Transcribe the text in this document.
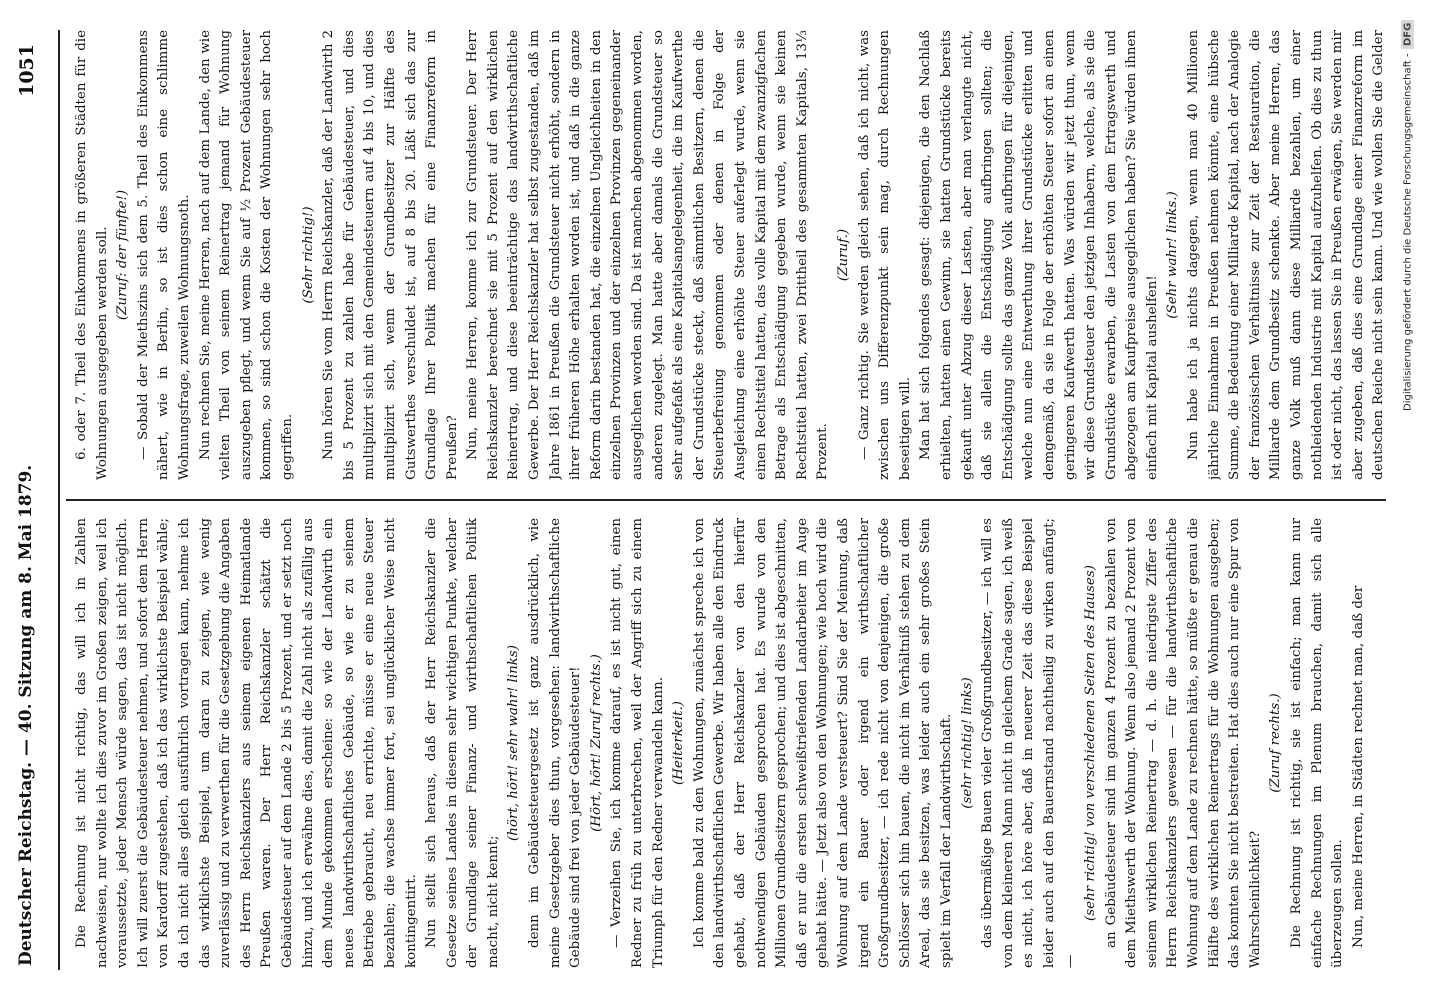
Deutscher Reichstag. — 40. Sitzung am 8. Mai 1879.
1051

Die Rechnung ist nicht richtig, das will ich in Zahlen nachweisen, nur wollte ich dies zuvor im Großen zeigen, weil ich voraussetzte, jeder Mensch würde sagen, das ist nicht möglich. Ich will zuerst die Gebäudesteuer nehmen, und sofort dem Herrn von Kardorff zugestehen, daß ich das wirklichste Beispiel wähle; da ich nicht alles gleich ausführlich vortragen kann, nehme ich das wirklichste Beispiel, um daran zu zeigen, wie wenig zuverlässig und zu verwerthen für die Gesetzgebung die Angaben des Herrn Reichskanzlers aus seinem eigenen Heimatlande Preußen waren. Der Herr Reichskanzler schätzt die Gebäudesteuer auf dem Lande 2 bis 5 Prozent, und er setzt noch hinzu, und ich erwähne dies, damit die Zahl nicht als zufällig aus dem Munde gekommen erscheine: so wie der Landwirth ein neues landwirthschaftliches Gebäude, so wie er zu seinem Betriebe gebraucht, neu errichte, müsse er eine neue Steuer bezahlen; die wachse immer fort, sei unglücklicher Weise nicht kontingentirt. Nun stellt sich heraus, daß der Herr Reichskanzler die Gesetze seines Landes in diesem sehr wichtigen Punkte, welcher der Grundlage seiner Finanz- und wirthschaftlichen Politik macht, nicht kennt;

(hört, hört! sehr wahr! links) denn im Gebäudesteuergesetz ist ganz ausdrücklich, wie meine Gesetzgeber dies thun, vorgesehen: landwirthschaftliche Gebäude sind frei von jeder Gebäudesteuer! (Hört, hört! Zuruf rechts.) — Verzeihen Sie, ich komme darauf, es ist nicht gut, einen Redner zu früh zu unterbrechen, weil der Angriff sich zu einem Triumph für den Redner verwandeln kann. (Heiterkeit.) Ich komme bald zu den Wohnungen, zunächst spreche ich von den landwirthschaftlichen Gewerbe. Wir haben alle den Eindruck gehabt, daß der Herr Reichskanzler von den hierfür nothwendigen Gebäuden gesprochen hat. Es wurde von den Millionen Grundbesitzern gesprochen; und dies ist abgeschnitten, daß er nur die ersten schweißtriefenden Landarbeiter im Auge gehabt hätte. — Jetzt also von den Wohnungen; wie hoch wird die Wohnung auf dem Lande versteuert? Sind Sie der Meinung, daß irgend ein Bauer oder irgend ein wirthschaftlicher Großgrundbesitzer, — ich rede nicht von denjenigen, die große Schlösser sich hin bauen, die nicht im Verhältniß stehen zu dem Areal, das sie besitzen, was leider auch ein sehr großes Stein spielt im Verfall der Landwirthschaft. (sehr richtig! links) das übermäßige Bauen vieler Großgrundbesitzer, — ich will es von dem kleineren Mann nicht in gleichem Grade sagen, ich weiß es nicht, ich höre aber, daß in neuerer Zeit das diese Beispiel leider auch auf den Bauernstand nachtheilig zu wirken anfängt; —

(sehr richtig! von verschiedenen Seiten des Hauses) an Gebäudesteuer sind im ganzen 4 Prozent zu bezahlen von dem Miethswerth der Wohnung. Wenn also jemand 2 Prozent von seinem wirklichen Reinertrag — d. h. die niedrigste Ziffer des Herrn Reichskanzlers gewesen — für die landwirthschaftliche Wohnung auf dem Lande zu rechnen hätte, so müßte er genau die Hälfte des wirklichen Reinertrags für die Wohnungen ausgeben; das konnten Sie nicht bestreiten. Hat dies auch nur eine Spur von Wahrscheinlichkeit?

(Zuruf rechts.) Die Rechnung ist richtig, sie ist einfach; man kann nur einfache Rechnungen im Plenum brauchen, damit sich alle überzeugen sollen. Nun, meine Herren, in Städten rechnet man, daß der

6. oder 7. Theil des Einkommens in größeren Städten für die Wohnungen ausgegeben werden soll. (Zuruf: der fünfte!) — Sobald der Miethszins sich dem 5. Theil des Einkommens nähert, wie in Berlin, so ist dies schon eine schlimme Wohnungsfrage, zuweilen Wohnungsnoth. Nun rechnen Sie, meine Herren, nach auf dem Lande, den wie vielten Theil von seinem Reinertrag jemand für Wohnung auszugeben pflegt, und wenn Sie auf ½ Prozent Gebäudesteuer kommen, so sind schon die Kosten der Wohnungen sehr hoch gegriffen.

(Sehr richtig!) Nun hören Sie vom Herrn Reichskanzler, daß der Landwirth 2 bis 5 Prozent zu zahlen habe für Gebäudesteuer, und dies multiplizirt sich mit den Gemeindesteuern auf 4 bis 10, und dies multiplizirt sich, wenn der Grundbesitzer zur Hälfte des Gutswerthes verschuldet ist, auf 8 bis 20. Läßt sich das zur Grundlage Ihrer Politik machen für eine Finanzreform in Preußen? Nun, meine Herren, komme ich zur Grundsteuer. Der Herr Reichskanzler berechnet sie mit 5 Prozent auf den wirklichen Reinertrag, und diese beeinträchtige das landwirthschaftliche Gewerbe. Der Herr Reichskanzler hat selbst zugestanden, daß im Jahre 1861 in Preußen die Grundsteuer nicht erhöht, sondern in ihrer früheren Höhe erhalten worden ist, und daß in die ganze Reform darin bestanden hat, die einzelnen Ungleichheiten in den einzelnen Provinzen und der einzelnen Provinzen gegeneinander ausgeglichen worden sind. Da ist manchen abgenommen worden, anderen zugelegt. Man hatte aber damals die Grundsteuer so sehr aufgefaßt als eine Kapitalsangelegenheit, die im Kaufwerthe der Grundstücke steckt, daß sämmtlichen Besitzern, denen die Steuerbefreiung genommen oder denen in Folge der Ausgleichung eine erhöhte Steuer auferlegt wurde, wenn sie einen Rechtstitel hatten, das volle Kapital mit dem zwanzigfachen Betrage als Entschädigung gegeben wurde, wenn sie keinen Rechtstitel hatten, zwei Drittheil des gesammten Kapitals, 13⅓ Prozent.

(Zuruf.) — Ganz richtig. Sie werden gleich sehen, daß ich nicht, was zwischen uns Differenzpunkt sein mag, durch Rechnungen beseitigen will. Man hat sich folgendes gesagt: diejenigen, die den Nachlaß erhielten, hatten einen Gewinn, sie hatten Grundstücke bereits gekauft unter Abzug dieser Lasten, aber man verlangte nicht, daß sie allein die Entschädigung aufbringen sollten; die Entschädigung sollte das ganze Volk aufbringen für diejenigen, welche nun eine Entwerthung ihrer Grundstücke erlitten und demgemäß, da sie in Folge der erhöhten Steuer sofort an einen geringeren Kaufwerth hatten. Was würden wir jetzt thun, wenn wir diese Grundsteuer den jetzigen Inhabern, welche, als sie die Grundstücke erwarben, die Lasten von dem Ertragswerth und abgezogen am Kaufpreise ausgeglichen haben? Sie würden ihnen einfach mit Kapital aushelfen!

(Sehr wahr! links.)

Nun habe ich ja nichts dagegen, wenn man 40 Millionen jährliche Einnahmen in Preußen nehmen könnte, eine hübsche Summe, die Bedeutung einer Milliarde Kapital, nach der Analogie der französischen Verhältnisse zur Zeit der Restauration, die Milliarde dem Grundbesitz schenkte. Aber meine Herren, das ganze Volk muß dann diese Milliarde bezahlen, um einer nothleidenden Industrie mit Kapital aufzuhelfen. Ob dies zu thun ist oder nicht, das lassen Sie in Preußen erwägen, Sie werden mir aber zugeben, daß dies eine Grundlage einer Finanzreform im deutschen Reiche nicht sein kann. Und wie wollen Sie die Gelder

Digitalisierung gefördert durch die Deutsche Forschungsgemeinschaft -
DFG
